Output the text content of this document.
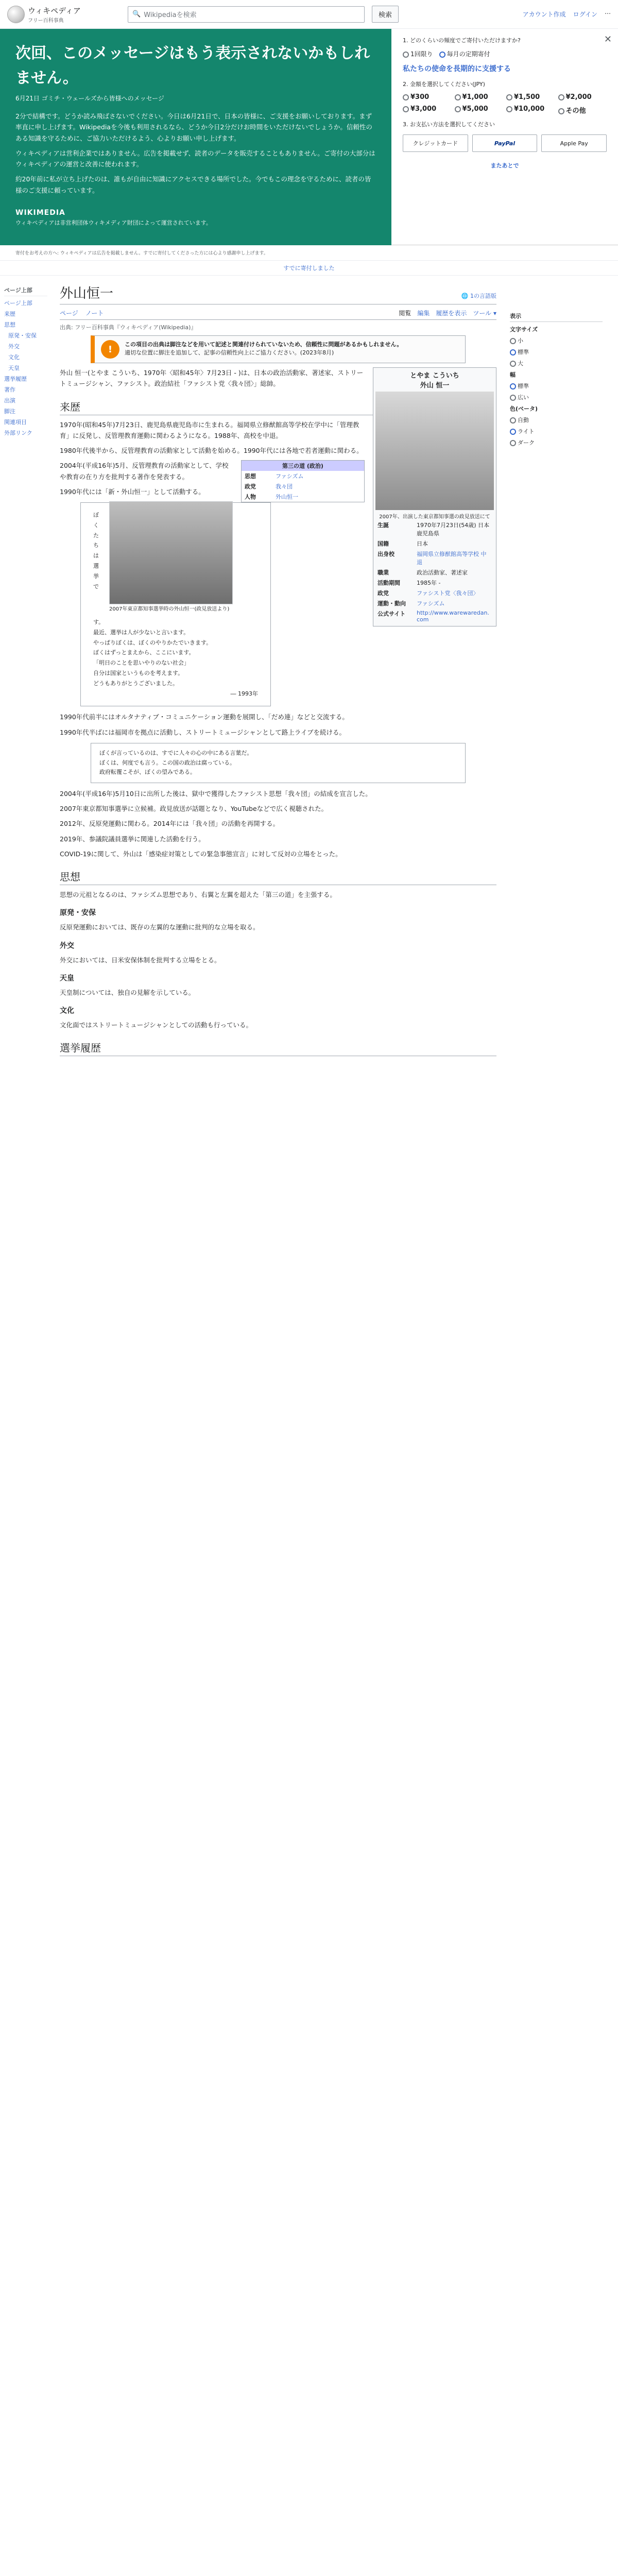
ウィキペディア
フリー百科事典
🔍 Wikipediaを検索	検索	アカウント作成 ログイン ⋯
次回、このメッセージはもう表示されないかもしれません。
6月21日 ゴミチ・ウェールズから皆様へのメッセージ

2分で結構です。どうか読み飛ばさないでください。今日は6月21日で、日本の皆様に、ご支援をお願いしております。まず率直に申し上げます。Wikipediaを今後も利用されるなら、どうか今日2分だけお時間をいただけないでしょうか。信頼性のある知識を守るために、ご協力いただけるよう、心よりお願い申し上げます。

ウィキペディアは営利企業ではありません。広告を掲載せず、読者のデータを販売することもありません。ご寄付の大部分はウィキペディアの運営と改善に使われます。

約20年前に私が立ち上げたのは、誰もが自由に知識にアクセスできる場所でした。今でもこの理念を守るために、読者の皆様のご支援に頼っています。

WIKIMEDIA
ウィキペディアは非営利団体ウィキメディア財団によって運営されています。
1. どのくらいの頻度でご寄付いただけますか?
1回限り	毎月の定期寄付
私たちの使命を長期的に支援する
2. 金額を選択してください(JPY)
¥300	¥1,000	¥1,500	¥2,000
¥3,000	¥5,000	¥10,000	その他
3. お支払い方法を選択してください
クレジットカード	PayPal	Apple Pay
またあとで
✕
寄付をお考えの方へ: ウィキペディアは広告を掲載しません。すでに寄付してくださった方には心より感謝申し上げます。
すでに寄付しました
ページ上部
ページ上部
来歴
思想
原発・安保
外交
文化
天皇
選挙履歴
著作
出演
脚注
関連項目
外部リンク
外山恒一	🌐 1の言語版
ページ ノート	閲覧 編集 履歴を表示 ツール ▾
出典: フリー百科事典『ウィキペディア(Wikipedia)』
!	この項目の出典は脚注などを用いて記述と関連付けられていないため、信頼性に問題があるかもしれません。
適切な位置に脚注を追加して、記事の信頼性向上にご協力ください。(2023年8月)
とやま こういち
外山 恒一
2007年、出演した東京都知事選の政見放送にて
生誕	1970年7月23日(54歳) 日本 鹿児島県
国籍	日本
出身校	福岡県立修猷館高等学校 中退
職業	政治活動家、著述家
活動期間	1985年 -
政党	ファシスト党〈我々団〉
運動・動向	ファシズム
公式サイト	http://www.warewaredan.com

外山 恒一(とやま こういち、1970年〈昭和45年〉7月23日 - )は、日本の政治活動家、著述家、ストリートミュージシャン、ファシスト。政治結社「ファシスト党〈我々団〉」総帥。

来歴

1970年(昭和45年)7月23日、鹿児島県鹿児島市に生まれる。福岡県立修猷館高等学校在学中に「管理教育」に反発し、反管理教育運動に関わるようになる。1988年、高校を中退。

1980年代後半から、反管理教育の活動家として活動を始める。1990年代には各地で若者運動に関わる。

第三の道 (政治)
思想	ファシズム
政党	我々団
人物	外山恒一

2004年(平成16年)5月、反管理教育の活動家として、学校や教育の在り方を批判する著作を発表する。

1990年代には「新・外山恒一」として活動する。

2007年東京都知事選挙時の外山恒一(政見放送より)
ぼくたちは選挙です。
最近、選挙は人が少ないと言います。
やっぱりぼくは、ぼくのやりかたでいきます。
ぼくはずっとまえから、ここにいます。
「明日のことを思いやりのない社会」
自分は国家というものを考えます。
どうもありがとうございました。
― 1993年

1990年代前半にはオルタナティブ・コミュニケーション運動を展開し、「だめ連」などと交流する。

1990年代半ばには福岡市を拠点に活動し、ストリートミュージシャンとして路上ライブを続ける。

ぼくが言っているのは、すでに人々の心の中にある言葉だ。
ぼくは、何度でも言う。この国の政治は腐っている。
政府転覆こそが、ぼくの望みである。

2004年(平成16年)5月10日に出所した後は、獄中で獲得したファシスト思想「我々団」の結成を宣言した。

2007年東京都知事選挙に立候補。政見放送が話題となり、YouTubeなどで広く視聴された。

2012年、反原発運動に関わる。2014年には「我々団」の活動を再開する。

2019年、参議院議員選挙に関連した活動を行う。

COVID-19に関して、外山は「感染症対策としての緊急事態宣言」に対して反対の立場をとった。

思想

思想の元祖となるのは、ファシズム思想であり、右翼と左翼を超えた「第三の道」を主張する。

原発・安保

反原発運動においては、既存の左翼的な運動に批判的な立場を取る。

外交

外交においては、日米安保体制を批判する立場をとる。

天皇

天皇制については、独自の見解を示している。

文化

文化面ではストリートミュージシャンとしての活動も行っている。

選挙履歴
表示
文字サイズ
小
標準
大
幅
標準
広い
色(ベータ)
自動
ライト
ダーク
